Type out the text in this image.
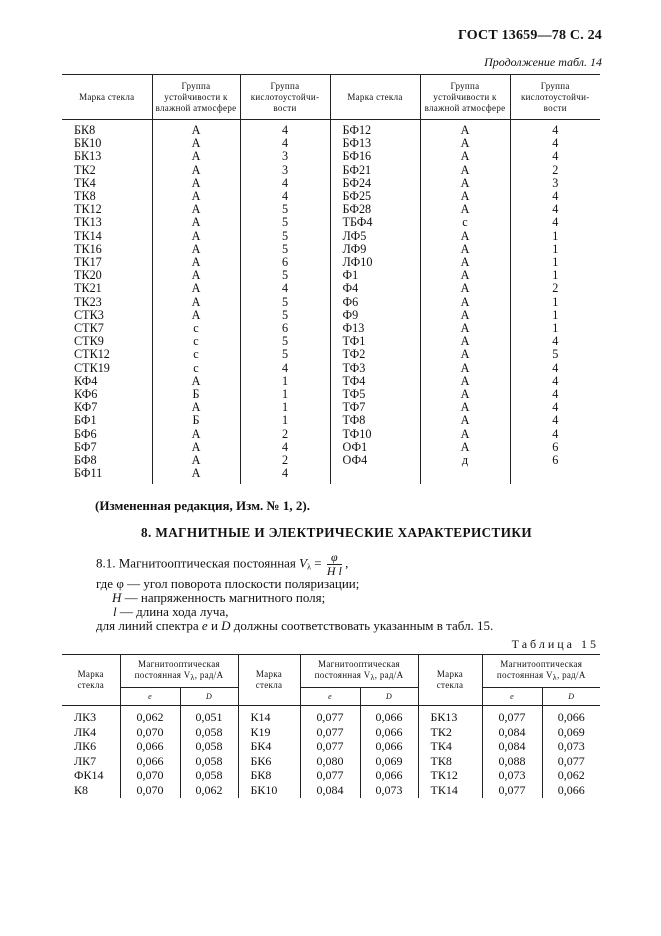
ГОСТ 13659—78 С. 24
Продолжение табл. 14
Марка стекла	Группа
устойчивости к
влажной атмосфере	Группа
кислотоустойчи-
вости	Марка стекла	Группа
устойчивости к
влажной атмосфере	Группа
кислотоустойчи-
вости
БК8	А	4	БФ12	А	4
БК10	А	4	БФ13	А	4
БК13	А	3	БФ16	А	4
ТК2	А	3	БФ21	А	2
ТК4	А	4	БФ24	А	3
ТК8	А	4	БФ25	А	4
ТК12	А	5	БФ28	А	4
ТК13	А	5	ТБФ4	с	4
ТК14	А	5	ЛФ5	А	1
ТК16	А	5	ЛФ9	А	1
ТК17	А	6	ЛФ10	А	1
ТК20	А	5	Ф1	А	1
ТК21	А	4	Ф4	А	2
ТК23	А	5	Ф6	А	1
СТК3	А	5	Ф9	А	1
СТК7	с	6	Ф13	А	1
СТК9	с	5	ТФ1	А	4
СТК12	с	5	ТФ2	А	5
СТК19	с	4	ТФ3	А	4
КФ4	А	1	ТФ4	А	4
КФ6	Б	1	ТФ5	А	4
КФ7	А	1	ТФ7	А	4
БФ1	Б	1	ТФ8	А	4
БФ6	А	2	ТФ10	А	4
БФ7	А	4	ОФ1	А	6
БФ8	А	2	ОФ4	д	6
БФ11	А	4			

(Измененная редакция, Изм. № 1, 2).
8. МАГНИТНЫЕ И ЭЛЕКТРИЧЕСКИЕ ХАРАКТЕРИСТИКИ
8.1. Магнитооптическая постоянная $V_\lambda = \frac{\varphi}{\text{H l}}$ ,
где φ — угол поворота плоскости поляризации;
H — напряженность магнитного поля;
l — длина хода луча,
для линий спектра e и D должны соответствовать указанным в табл. 15.
Таблица 15
Марка
стекла	Магнитооптическая
постоянная Vλ, рад/А		Марка
стекла	Магнитооптическая
постоянная Vλ, рад/А		Марка
стекла	Магнитооптическая
постоянная Vλ, рад/А	
	e	D		e	D		e	D
ЛК3	0,062	0,051	К14	0,077	0,066	БК13	0,077	0,066
ЛК4	0,070	0,058	К19	0,077	0,066	ТК2	0,084	0,069
ЛК6	0,066	0,058	БК4	0,077	0,066	ТК4	0,084	0,073
ЛК7	0,066	0,058	БК6	0,080	0,069	ТК8	0,088	0,077
ФК14	0,070	0,058	БК8	0,077	0,066	ТК12	0,073	0,062
К8	0,070	0,062	БК10	0,084	0,073	ТК14	0,077	0,066
